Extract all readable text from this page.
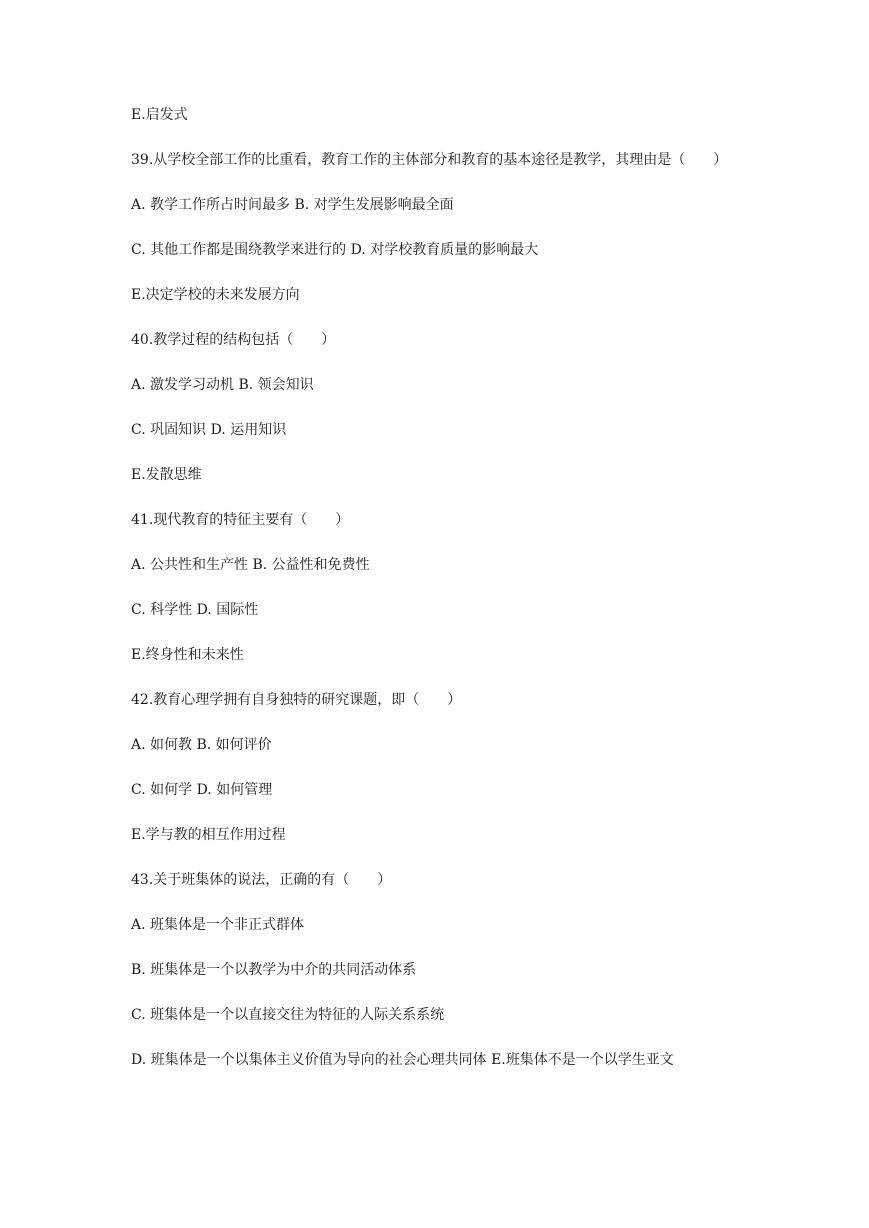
E.启发式

39.从学校全部工作的比重看，教育工作的主体部分和教育的基本途径是教学，其理由是（　　）

A. 教学工作所占时间最多 B. 对学生发展影响最全面

C. 其他工作都是围绕教学来进行的 D. 对学校教育质量的影响最大

E.决定学校的未来发展方向

40.教学过程的结构包括（　　）

A. 激发学习动机 B. 领会知识

C. 巩固知识 D. 运用知识

E.发散思维

41.现代教育的特征主要有（　　）

A. 公共性和生产性 B. 公益性和免费性

C. 科学性 D. 国际性

E.终身性和未来性

42.教育心理学拥有自身独特的研究课题，即（　　）

A. 如何教 B. 如何评价

C. 如何学 D. 如何管理

E.学与教的相互作用过程

43.关于班集体的说法，正确的有（　　）

A. 班集体是一个非正式群体

B. 班集体是一个以教学为中介的共同活动体系

C. 班集体是一个以直接交往为特征的人际关系系统

D. 班集体是一个以集体主义价值为导向的社会心理共同体 E.班集体不是一个以学生亚文
